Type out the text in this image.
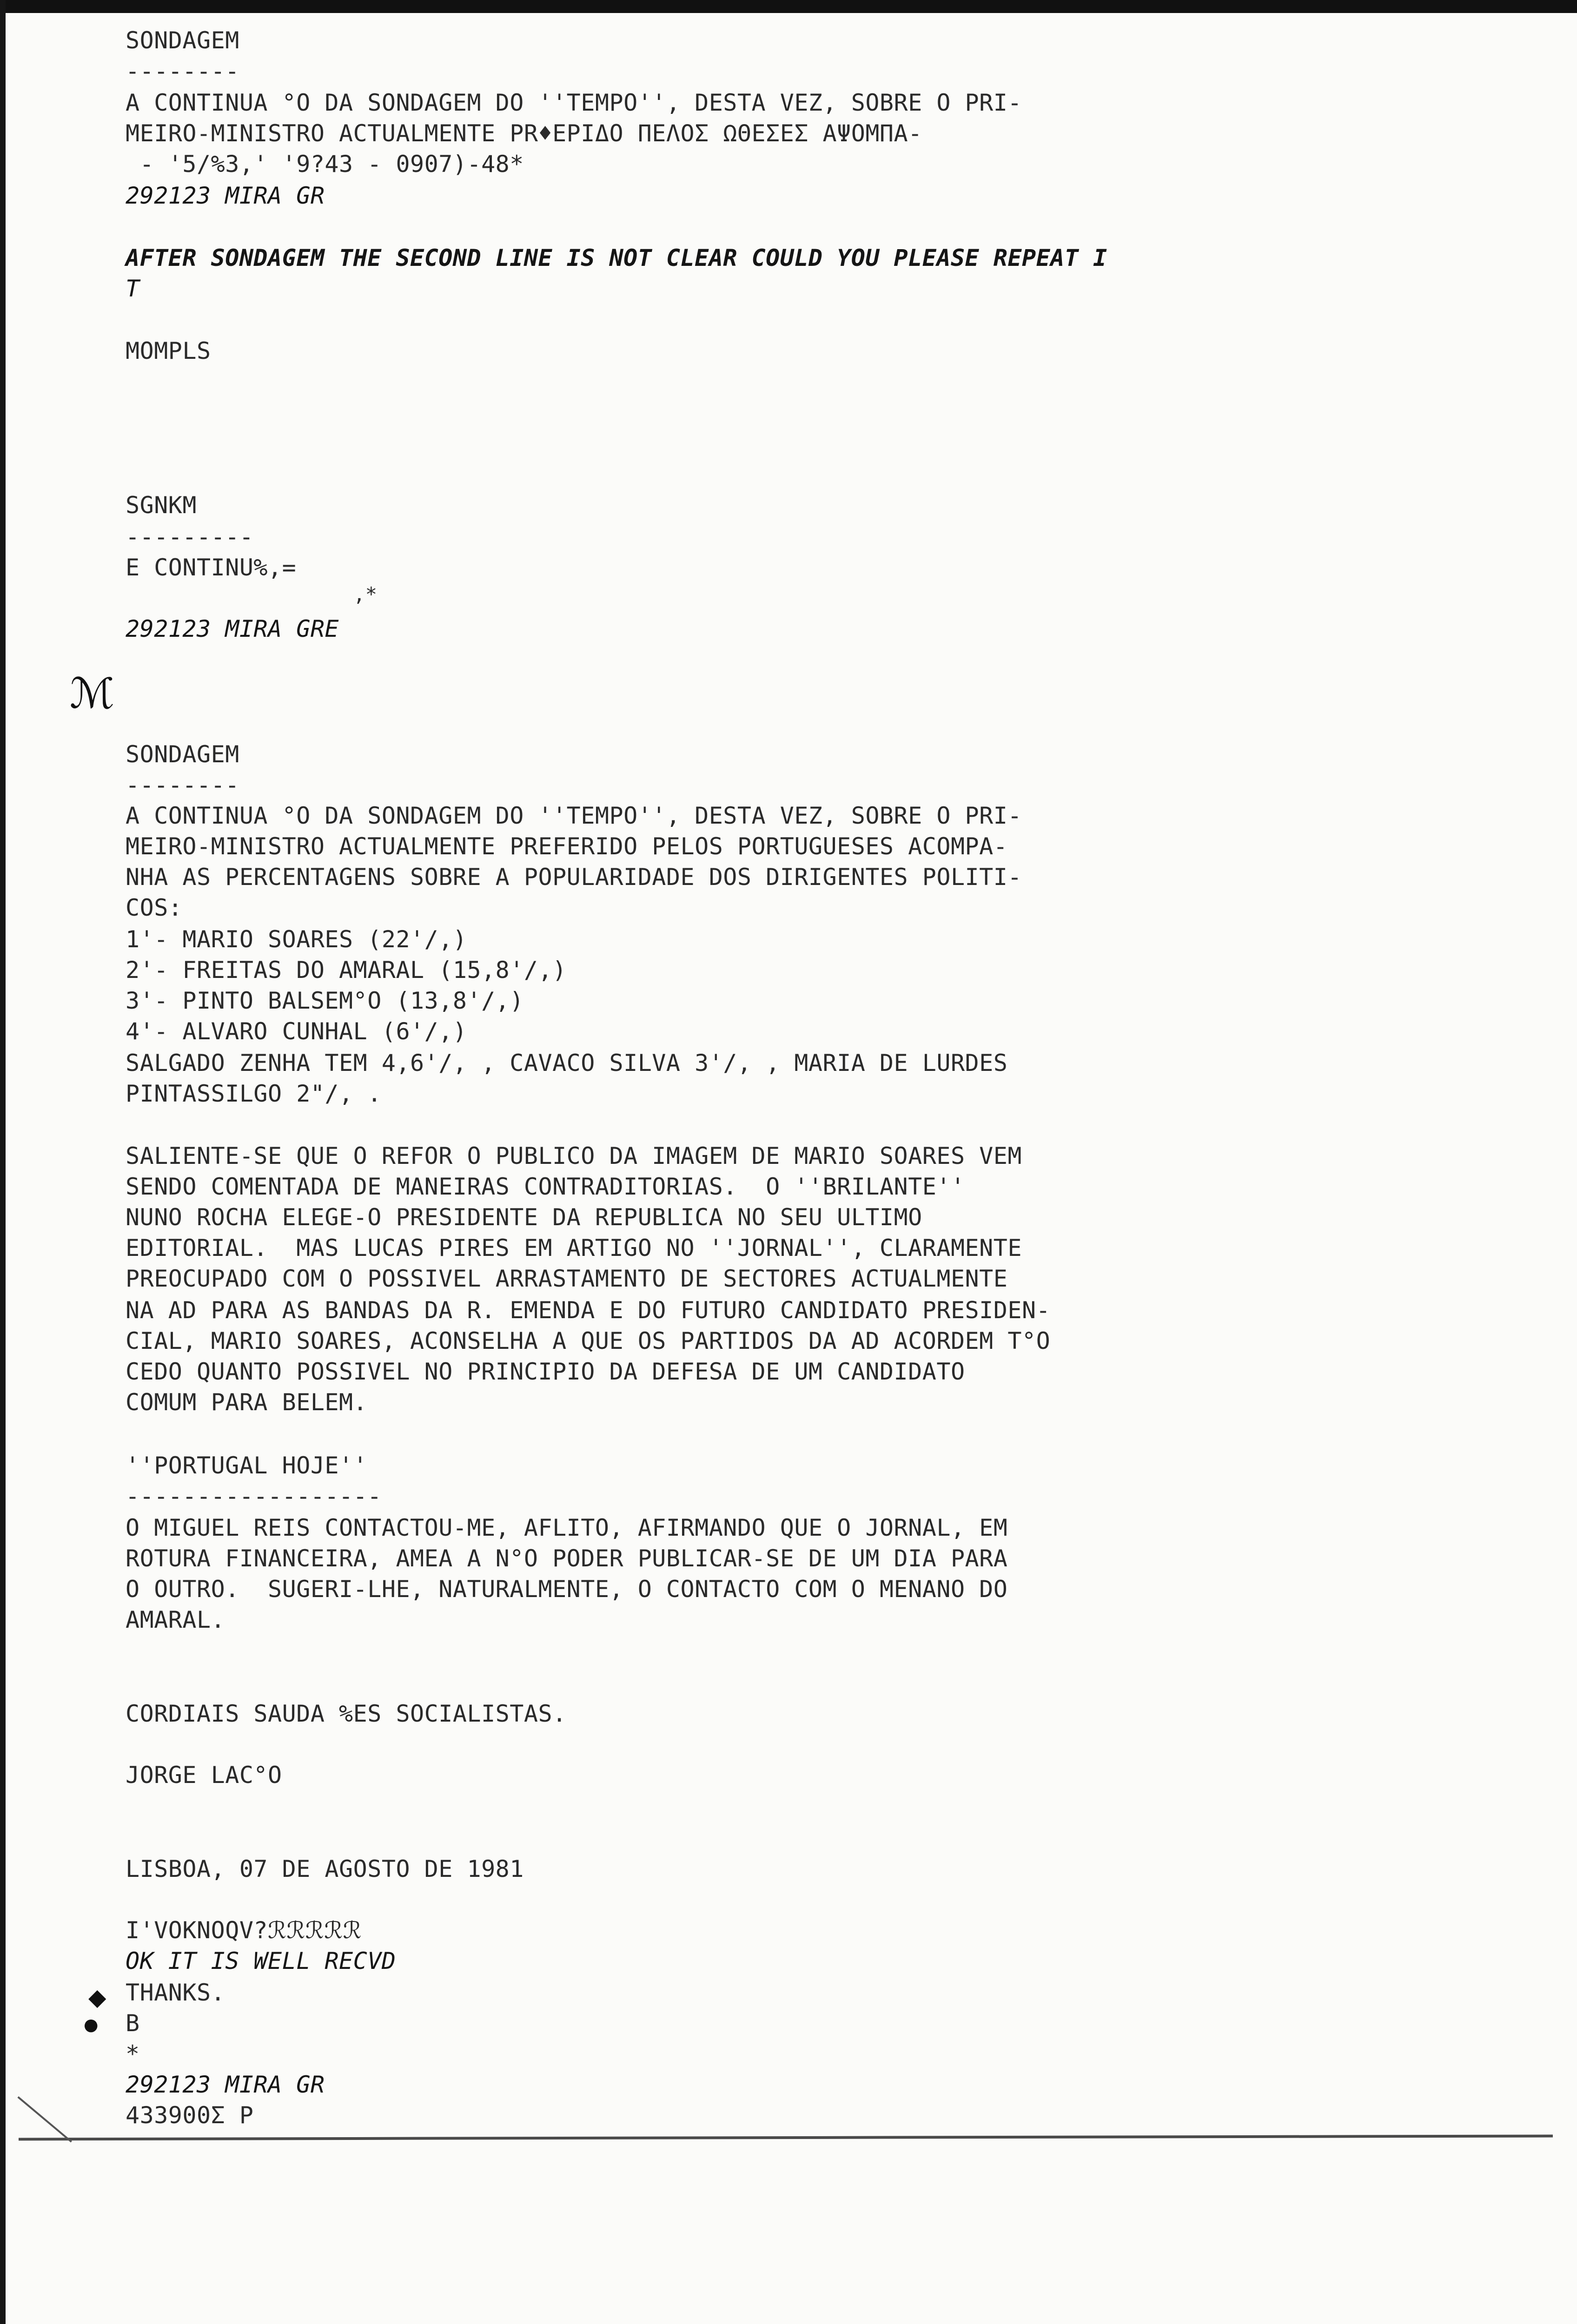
SONDAGEM

--------

A CONTINUA °O DA SONDAGEM DO ''TEMPO'', DESTA VEZ, SOBRE O PRI-

MEIRO-MINISTRO ACTUALMENTE PR♦EPIΔO ΠΕΛΟΣ ΩΘΕΣΕΣ AΨOMΠA-

- '5/%3,' '9?43 - 0907)-48*

292123 MIRA GR

AFTER SONDAGEM THE SECOND LINE IS NOT CLEAR COULD YOU PLEASE REPEAT I

T

MOMPLS

SGNKM

---------

E CONTINU%,=

,*

292123 MIRA GRE

ℳ

SONDAGEM

--------

A CONTINUA °O DA SONDAGEM DO ''TEMPO'', DESTA VEZ, SOBRE O PRI-

MEIRO-MINISTRO ACTUALMENTE PREFERIDO PELOS PORTUGUESES ACOMPA-

NHA AS PERCENTAGENS SOBRE A POPULARIDADE DOS DIRIGENTES POLITI-

COS:

1'- MARIO SOARES (22'/,)

2'- FREITAS DO AMARAL (15,8'/,)

3'- PINTO BALSEM°O (13,8'/,)

4'- ALVARO CUNHAL (6'/,)

SALGADO ZENHA TEM 4,6'/, , CAVACO SILVA 3'/, , MARIA DE LURDES

PINTASSILGO 2"/, .

SALIENTE-SE QUE O REFOR O PUBLICO DA IMAGEM DE MARIO SOARES VEM

SENDO COMENTADA DE MANEIRAS CONTRADITORIAS.  O ''BRILANTE''

NUNO ROCHA ELEGE-O PRESIDENTE DA REPUBLICA NO SEU ULTIMO

EDITORIAL.  MAS LUCAS PIRES EM ARTIGO NO ''JORNAL'', CLARAMENTE

PREOCUPADO COM O POSSIVEL ARRASTAMENTO DE SECTORES ACTUALMENTE

NA AD PARA AS BANDAS DA R. EMENDA E DO FUTURO CANDIDATO PRESIDEN-

CIAL, MARIO SOARES, ACONSELHA A QUE OS PARTIDOS DA AD ACORDEM T°O

CEDO QUANTO POSSIVEL NO PRINCIPIO DA DEFESA DE UM CANDIDATO

COMUM PARA BELEM.

''PORTUGAL HOJE''

------------------

O MIGUEL REIS CONTACTOU-ME, AFLITO, AFIRMANDO QUE O JORNAL, EM

ROTURA FINANCEIRA, AMEA A N°O PODER PUBLICAR-SE DE UM DIA PARA

O OUTRO.  SUGERI-LHE, NATURALMENTE, O CONTACTO COM O MENANO DO

AMARAL.

CORDIAIS SAUDA %ES SOCIALISTAS.

JORGE LAC°O

LISBOA, 07 DE AGOSTO DE 1981

I'VOKNOQV?ℛℛℛℛℛ

OK IT IS WELL RECVD

THANKS.

B

*

292123 MIRA GR

433900Σ P

◆
●
